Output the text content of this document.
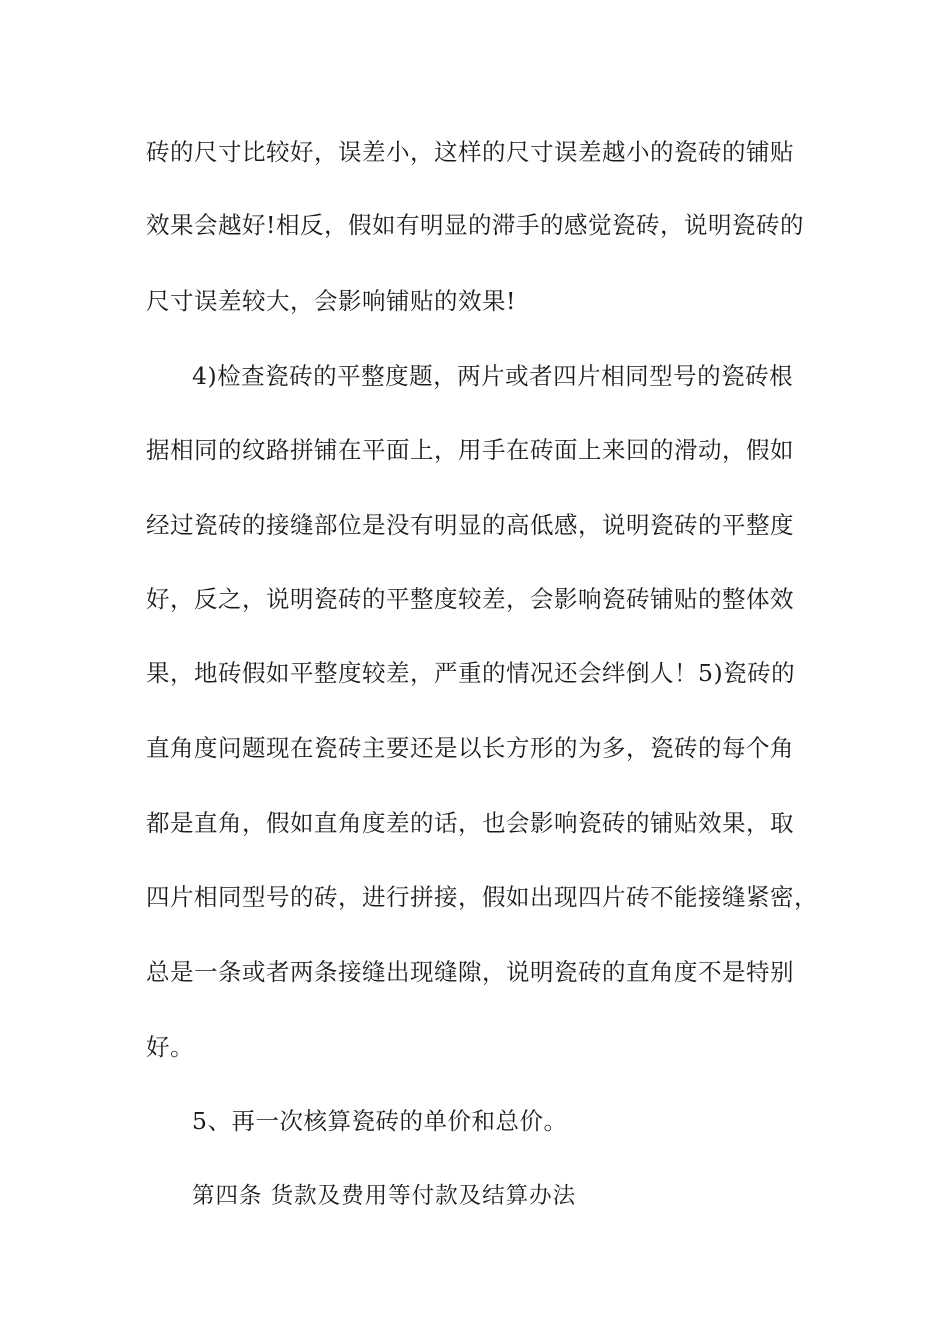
砖的尺寸比较好，误差小，这样的尺寸误差越小的瓷砖的铺贴
效果会越好!相反，假如有明显的滞手的感觉瓷砖，说明瓷砖的
尺寸误差较大，会影响铺贴的效果!
4)检查瓷砖的平整度题，两片或者四片相同型号的瓷砖根
据相同的纹路拼铺在平面上，用手在砖面上来回的滑动，假如
经过瓷砖的接缝部位是没有明显的高低感，说明瓷砖的平整度
好，反之，说明瓷砖的平整度较差，会影响瓷砖铺贴的整体效
果，地砖假如平整度较差，严重的情况还会绊倒人！5)瓷砖的
直角度问题现在瓷砖主要还是以长方形的为多，瓷砖的每个角
都是直角，假如直角度差的话，也会影响瓷砖的铺贴效果，取
四片相同型号的砖，进行拼接，假如出现四片砖不能接缝紧密，
总是一条或者两条接缝出现缝隙，说明瓷砖的直角度不是特别
好。
5、再一次核算瓷砖的单价和总价。
第四条 货款及费用等付款及结算办法
